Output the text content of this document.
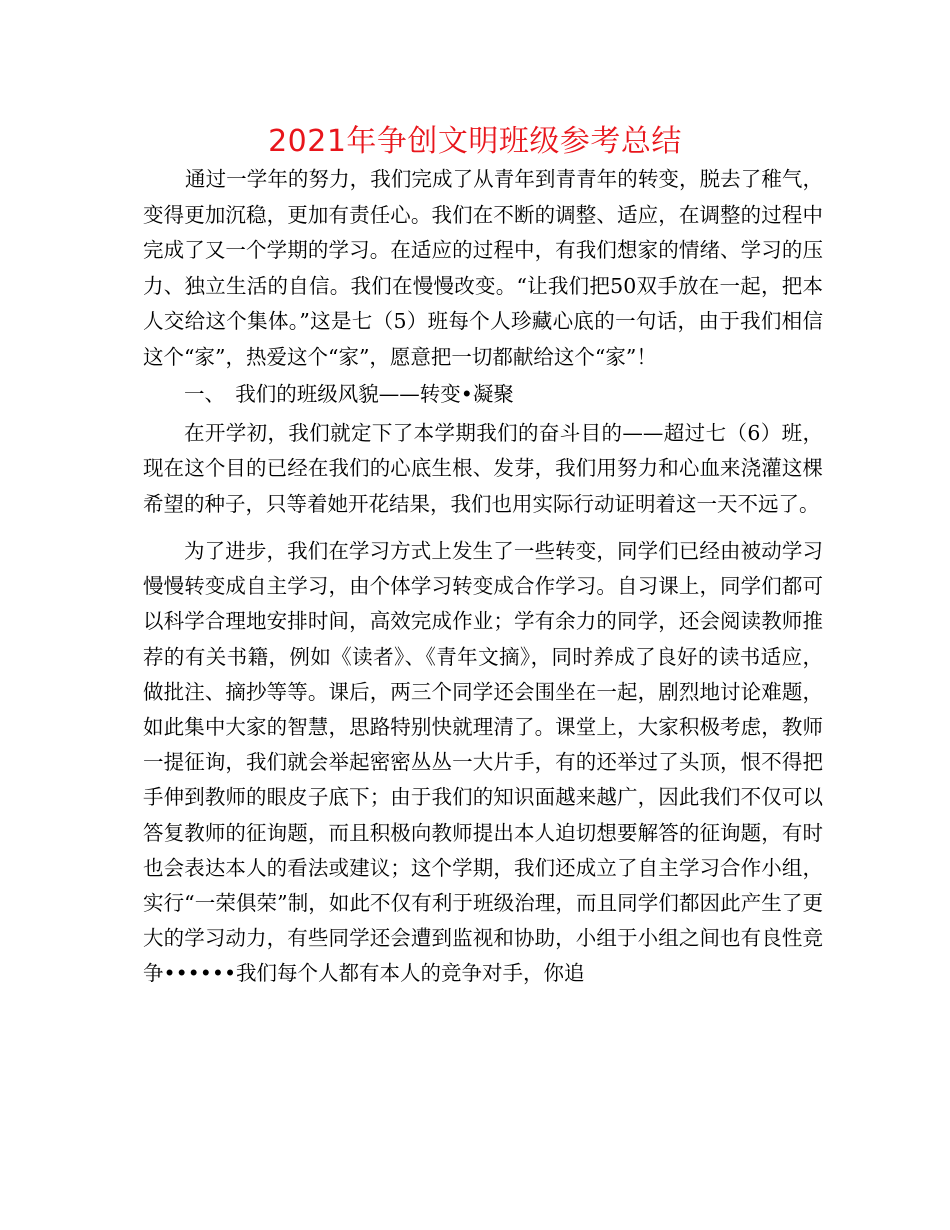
2021年争创文明班级参考总结

通过一学年的努力，我们完成了从青年到青青年的转变，脱去了稚气，变得更加沉稳，更加有责任心。我们在不断的调整、适应，在调整的过程中完成了又一个学期的学习。在适应的过程中，有我们想家的情绪、学习的压力、独立生活的自信。我们在慢慢改变。“让我们把50双手放在一起，把本人交给这个集体。”这是七（5）班每个人珍藏心底的一句话，由于我们相信这个“家”，热爱这个“家”，愿意把一切都献给这个“家”！

一、　我们的班级风貌——转变•凝聚

在开学初，我们就定下了本学期我们的奋斗目的——超过七（6）班，现在这个目的已经在我们的心底生根、发芽，我们用努力和心血来浇灌这棵希望的种子，只等着她开花结果，我们也用实际行动证明着这一天不远了。

为了进步，我们在学习方式上发生了一些转变，同学们已经由被动学习慢慢转变成自主学习，由个体学习转变成合作学习。自习课上，同学们都可以科学合理地安排时间，高效完成作业；学有余力的同学，还会阅读教师推荐的有关书籍，例如《读者》、《青年文摘》，同时养成了良好的读书适应，做批注、摘抄等等。课后，两三个同学还会围坐在一起，剧烈地讨论难题，如此集中大家的智慧，思路特别快就理清了。课堂上，大家积极考虑，教师一提征询，我们就会举起密密丛丛一大片手，有的还举过了头顶，恨不得把手伸到教师的眼皮子底下；由于我们的知识面越来越广，因此我们不仅可以答复教师的征询题，而且积极向教师提出本人迫切想要解答的征询题，有时也会表达本人的看法或建议；这个学期，我们还成立了自主学习合作小组，实行“一荣俱荣”制，如此不仅有利于班级治理，而且同学们都因此产生了更大的学习动力，有些同学还会遭到监视和协助，小组于小组之间也有良性竞争••••••我们每个人都有本人的竞争对手，你追
